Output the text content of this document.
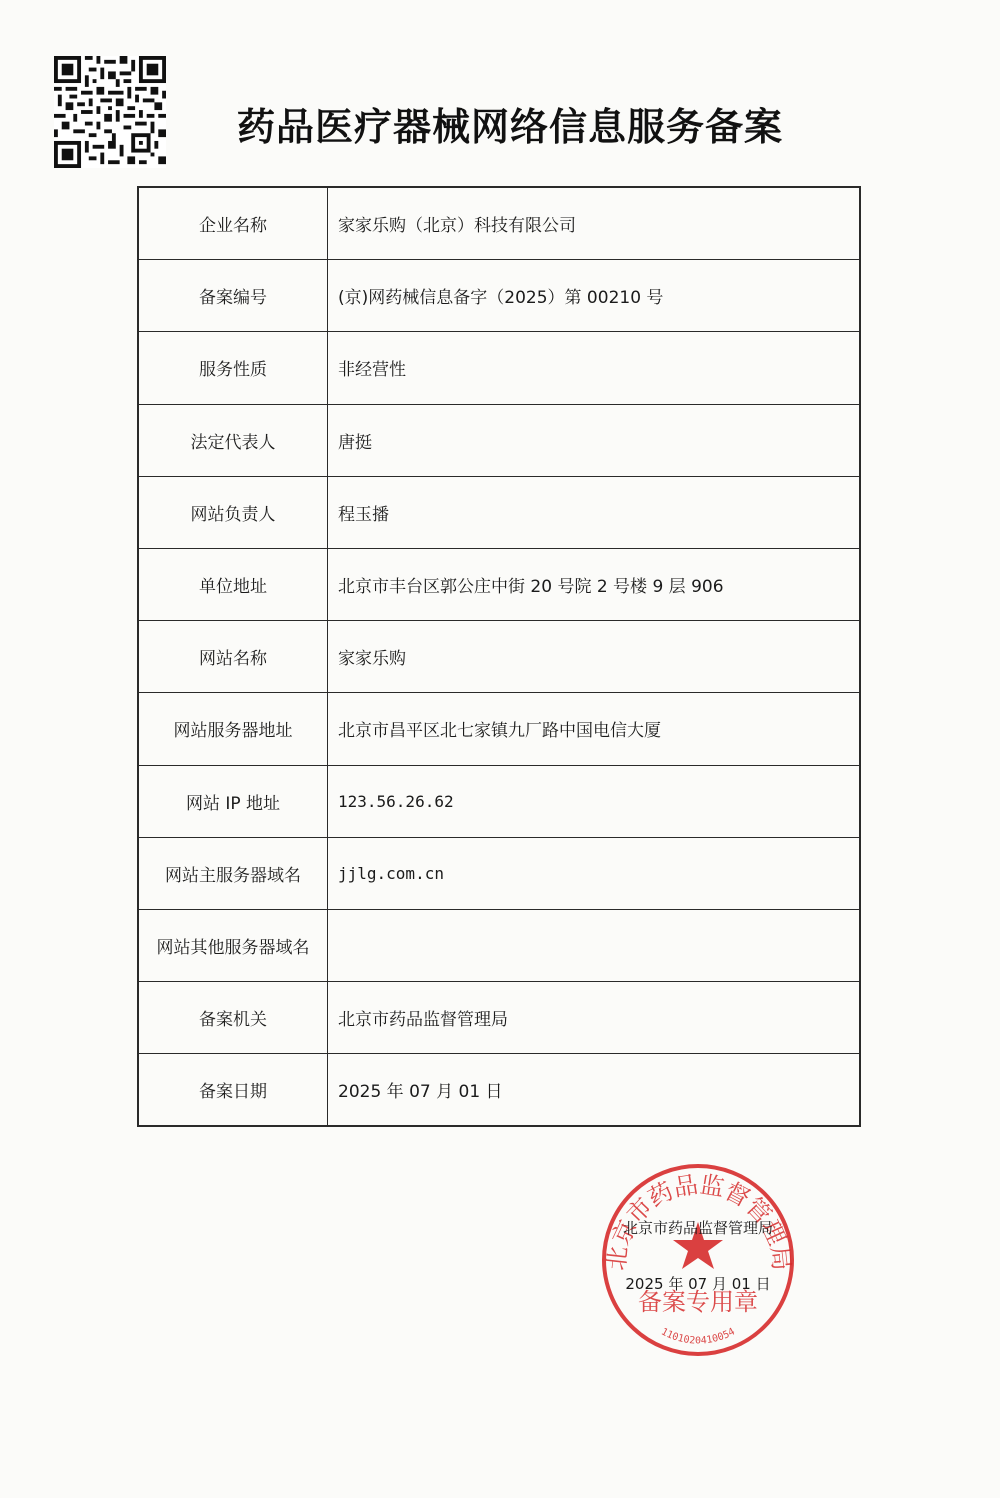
药品医疗器械网络信息服务备案
企业名称	家家乐购（北京）科技有限公司
备案编号	(京)网药械信息备字（2025）第 00210 号
服务性质	非经营性
法定代表人	唐挺
网站负责人	程玉播
单位地址	北京市丰台区郭公庄中街 20 号院 2 号楼 9 层 906
网站名称	家家乐购
网站服务器地址	北京市昌平区北七家镇九厂路中国电信大厦
网站 IP 地址	123.56.26.62
网站主服务器域名	jjlg.com.cn
网站其他服务器域名	
备案机关	北京市药品监督管理局
备案日期	2025 年 07 月 01 日
北京市药品监督管理局
备案专用章
1101020410054
北京市药品监督管理局
2025 年 07 月 01 日
